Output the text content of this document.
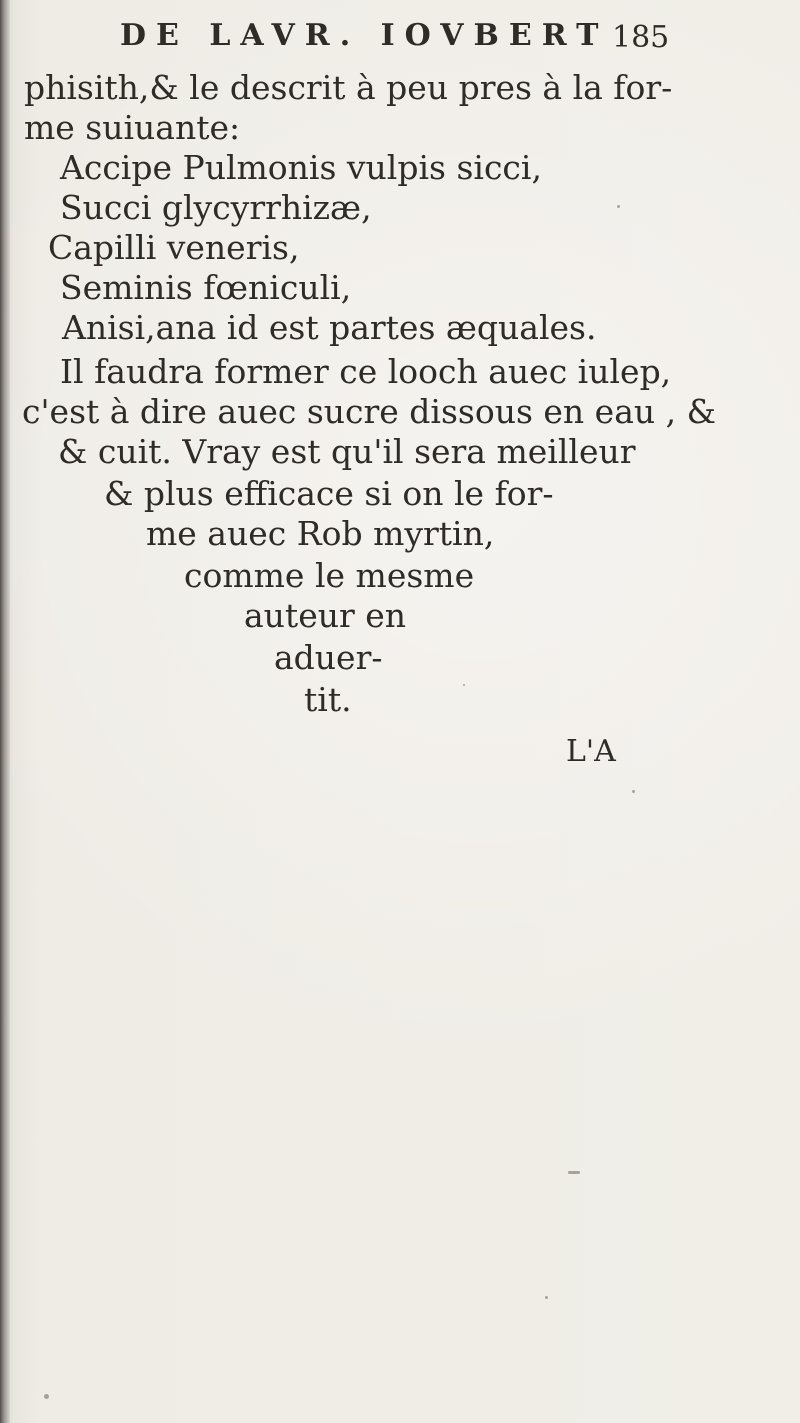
DE LAVR. IOVBERT 185
phisith,& le descrit à peu pres à la for-
me suiuante:
Accipe Pulmonis vulpis sicci,
Succi glycyrrhizæ,
Capilli veneris,
Seminis fœniculi,
Anisi,ana id est partes æquales.
Il faudra former ce looch auec iulep,
c'est à dire auec sucre dissous en eau , &
& cuit. Vray est qu'il sera meilleur
& plus efficace si on le for-
me auec Rob myrtin,
comme le mesme
auteur en
aduer-
tit.
L'A
